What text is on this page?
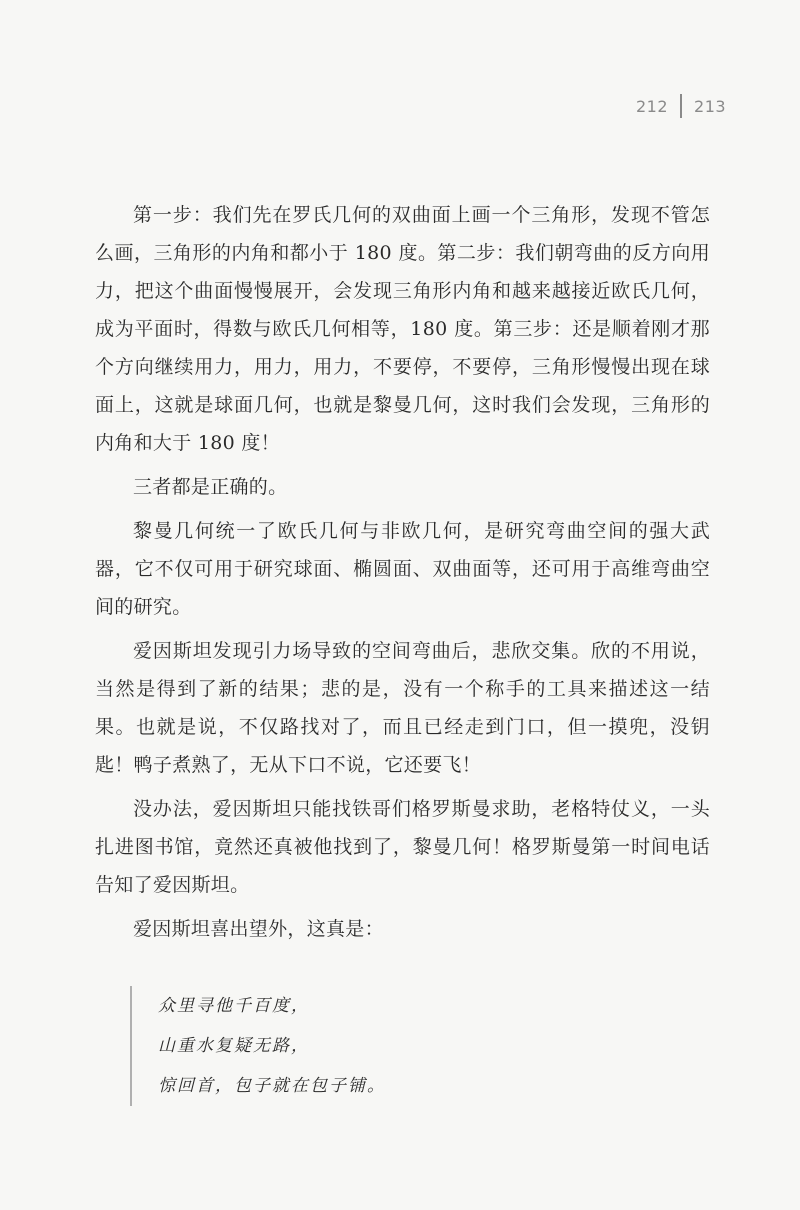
212 213

第一步：我们先在罗氏几何的双曲面上画一个三角形，发现不管怎么画，三角形的内角和都小于 180 度。第二步：我们朝弯曲的反方向用力，把这个曲面慢慢展开，会发现三角形内角和越来越接近欧氏几何，成为平面时，得数与欧氏几何相等，180 度。第三步：还是顺着刚才那个方向继续用力，用力，用力，不要停，不要停，三角形慢慢出现在球面上，这就是球面几何，也就是黎曼几何，这时我们会发现，三角形的内角和大于 180 度！

三者都是正确的。

黎曼几何统一了欧氏几何与非欧几何，是研究弯曲空间的强大武器，它不仅可用于研究球面、椭圆面、双曲面等，还可用于高维弯曲空间的研究。

爱因斯坦发现引力场导致的空间弯曲后，悲欣交集。欣的不用说，当然是得到了新的结果；悲的是，没有一个称手的工具来描述这一结果。也就是说，不仅路找对了，而且已经走到门口，但一摸兜，没钥匙！鸭子煮熟了，无从下口不说，它还要飞！

没办法，爱因斯坦只能找铁哥们格罗斯曼求助，老格特仗义，一头扎进图书馆，竟然还真被他找到了，黎曼几何！格罗斯曼第一时间电话告知了爱因斯坦。

爱因斯坦喜出望外，这真是：

众里寻他千百度，
山重水复疑无路，
惊回首，包子就在包子铺。
